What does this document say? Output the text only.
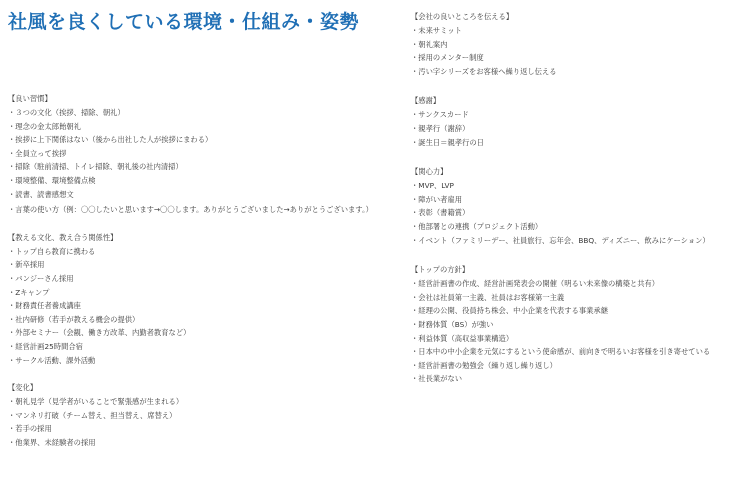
社風を良くしている環境・仕組み・姿勢
【良い習慣】
・３つの文化（挨拶、掃除、朝礼）
・理念の金太郎飴朝礼
・挨拶に上下関係はない（後から出社した人が挨拶にまわる）
・全員立って挨拶
・掃除（駐前清掃、トイレ掃除、朝礼後の社内清掃）
・環境整備、環境整備点検
・読書、読書感想文
・言葉の使い方（例：〇〇したいと思います→〇〇します。ありがとうございました→ありがとうございます。）
【教える文化、教え合う関係性】
・トップ自ら教育に携わる
・新卒採用
・バンジーさん採用
・Zキャンプ
・財務責任者養成講座
・社内研修（若手が教える機会の提供）
・外部セミナー（会観、働き方改革、内勤者教育など）
・経営計画25時間合宿
・サークル活動、課外活動
【変化】
・朝礼見学（見学者がいることで緊張感が生まれる）
・マンネリ打破（チーム替え、担当替え、席替え）
・若手の採用
・他業界、未経験者の採用
【会社の良いところを伝える】
・未来サミット
・朝礼案内
・採用のメンター制度
・汚い字シリーズをお客様へ繰り返し伝える
【感謝】
・サンクスカード
・親孝行（謝辞）
・誕生日＝親孝行の日
【関心力】
・MVP、LVP
・障がい者雇用
・表彰（書籍賞）
・他部署との連携（プロジェクト活動）
・イベント（ファミリーデー、社員旅行、忘年会、BBQ、ディズニー、飲みにケーション）
【トップの方針】
・経営計画書の作成、経営計画発表会の開催（明るい未来像の構築と共有）
・会社は社員第一主義、社員はお客様第一主義
・経理の公開、役員持ち株会、中小企業を代表する事業承継
・財務体質（BS）が強い
・利益体質（高収益事業構造）
・日本中の中小企業を元気にするという使命感が、前向きで明るいお客様を引き寄せている
・経営計画書の勉強会（繰り返し繰り返し）
・社長業がない
